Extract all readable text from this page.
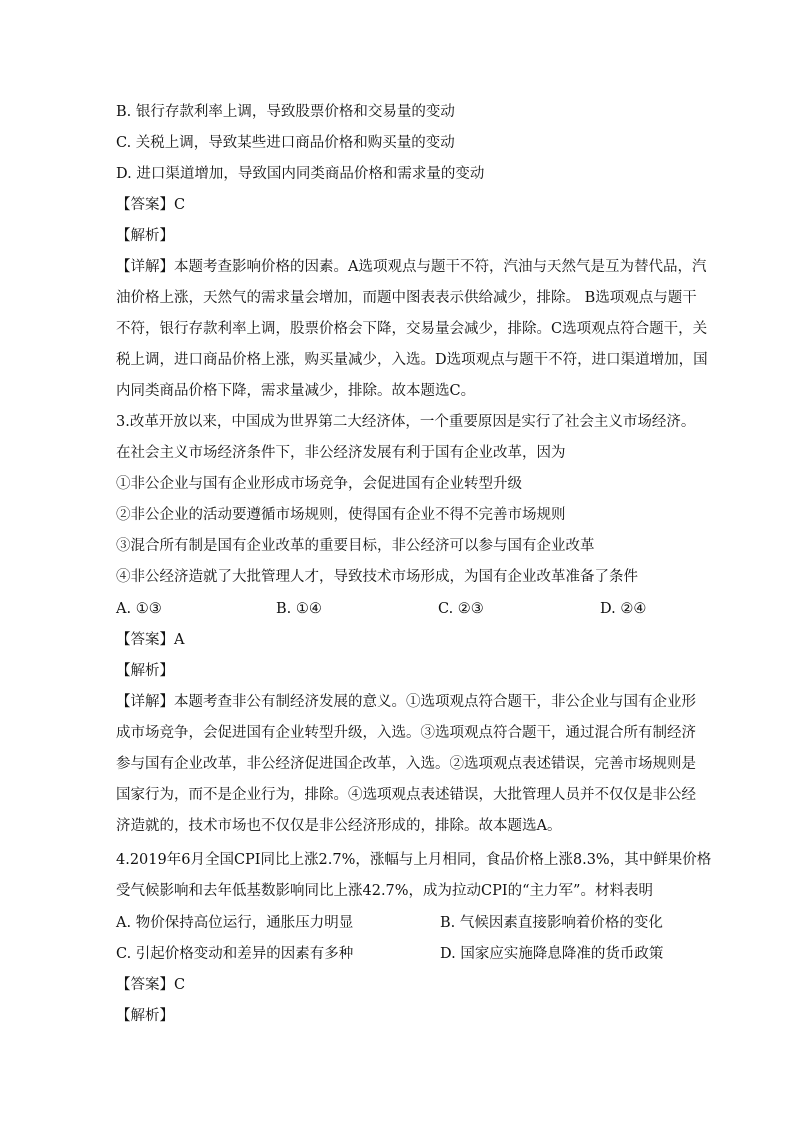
B. 银行存款利率上调，导致股票价格和交易量的变动
C. 关税上调，导致某些进口商品价格和购买量的变动
D. 进口渠道增加，导致国内同类商品价格和需求量的变动
【答案】C
【解析】
【详解】本题考查影响价格的因素。A选项观点与题干不符，汽油与天然气是互为替代品，汽
油价格上涨，天然气的需求量会增加，而题中图表表示供给减少，排除。 B选项观点与题干
不符，银行存款利率上调，股票价格会下降，交易量会减少，排除。C选项观点符合题干，关
税上调，进口商品价格上涨，购买量减少，入选。D选项观点与题干不符，进口渠道增加，国
内同类商品价格下降，需求量减少，排除。故本题选C。
3.改革开放以来，中国成为世界第二大经济体，一个重要原因是实行了社会主义市场经济。
在社会主义市场经济条件下，非公经济发展有利于国有企业改革，因为
①非公企业与国有企业形成市场竞争，会促进国有企业转型升级
②非公企业的活动要遵循市场规则，使得国有企业不得不完善市场规则
③混合所有制是国有企业改革的重要目标，非公经济可以参与国有企业改革
④非公经济造就了大批管理人才，导致技术市场形成，为国有企业改革准备了条件
A. ①③	B. ①④	C. ②③	D. ②④
【答案】A
【解析】
【详解】本题考查非公有制经济发展的意义。①选项观点符合题干，非公企业与国有企业形
成市场竞争，会促进国有企业转型升级，入选。③选项观点符合题干，通过混合所有制经济
参与国有企业改革，非公经济促进国企改革，入选。②选项观点表述错误，完善市场规则是
国家行为，而不是企业行为，排除。④选项观点表述错误，大批管理人员并不仅仅是非公经
济造就的，技术市场也不仅仅是非公经济形成的，排除。故本题选A。
4.2019年6月全国CPI同比上涨2.7%，涨幅与上月相同，食品价格上涨8.3%，其中鲜果价格
受气候影响和去年低基数影响同比上涨42.7%，成为拉动CPI的“主力军”。材料表明
A. 物价保持高位运行，通胀压力明显	B. 气候因素直接影响着价格的变化
C. 引起价格变动和差异的因素有多种	D. 国家应实施降息降准的货币政策
【答案】C
【解析】
